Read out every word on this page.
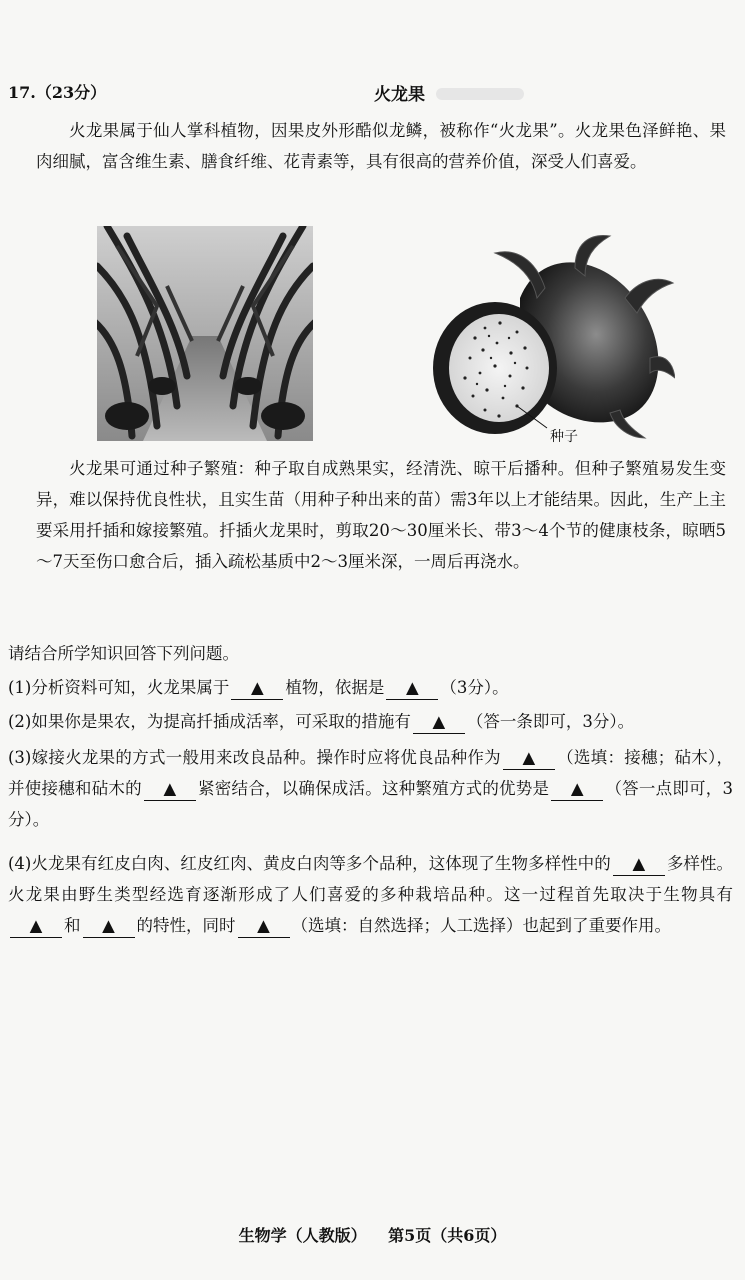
17.（23分）	火龙果

火龙果属于仙人掌科植物，因果皮外形酷似龙鳞，被称作“火龙果”。火龙果色泽鲜艳、果肉细腻，富含维生素、膳食纤维、花青素等，具有很高的营养价值，深受人们喜爱。

种子

火龙果可通过种子繁殖：种子取自成熟果实，经清洗、晾干后播种。但种子繁殖易发生变异，难以保持优良性状，且实生苗（用种子种出来的苗）需3年以上才能结果。因此，生产上主要采用扦插和嫁接繁殖。扦插火龙果时，剪取20～30厘米长、带3～4个节的健康枝条，晾晒5～7天至伤口愈合后，插入疏松基质中2～3厘米深，一周后再浇水。

请结合所学知识回答下列问题。
(1)分析资料可知，火龙果属于 ▲ 植物，依据是 ▲ （3分）。
(2)如果你是果农，为提高扦插成活率，可采取的措施有 ▲ （答一条即可，3分）。
(3)嫁接火龙果的方式一般用来改良品种。操作时应将优良品种作为 ▲ （选填：接穗；砧木），并使接穗和砧木的 ▲ 紧密结合，以确保成活。这种繁殖方式的优势是 ▲ （答一点即可，3分）。
(4)火龙果有红皮白肉、红皮红肉、黄皮白肉等多个品种，这体现了生物多样性中的 ▲ 多样性。火龙果由野生类型经选育逐渐形成了人们喜爱的多种栽培品种。这一过程首先取决于生物具有▲ 和 ▲ 的特性，同时 ▲ （选填：自然选择；人工选择）也起到了重要作用。
生物学（人教版） 第5页（共6页）
